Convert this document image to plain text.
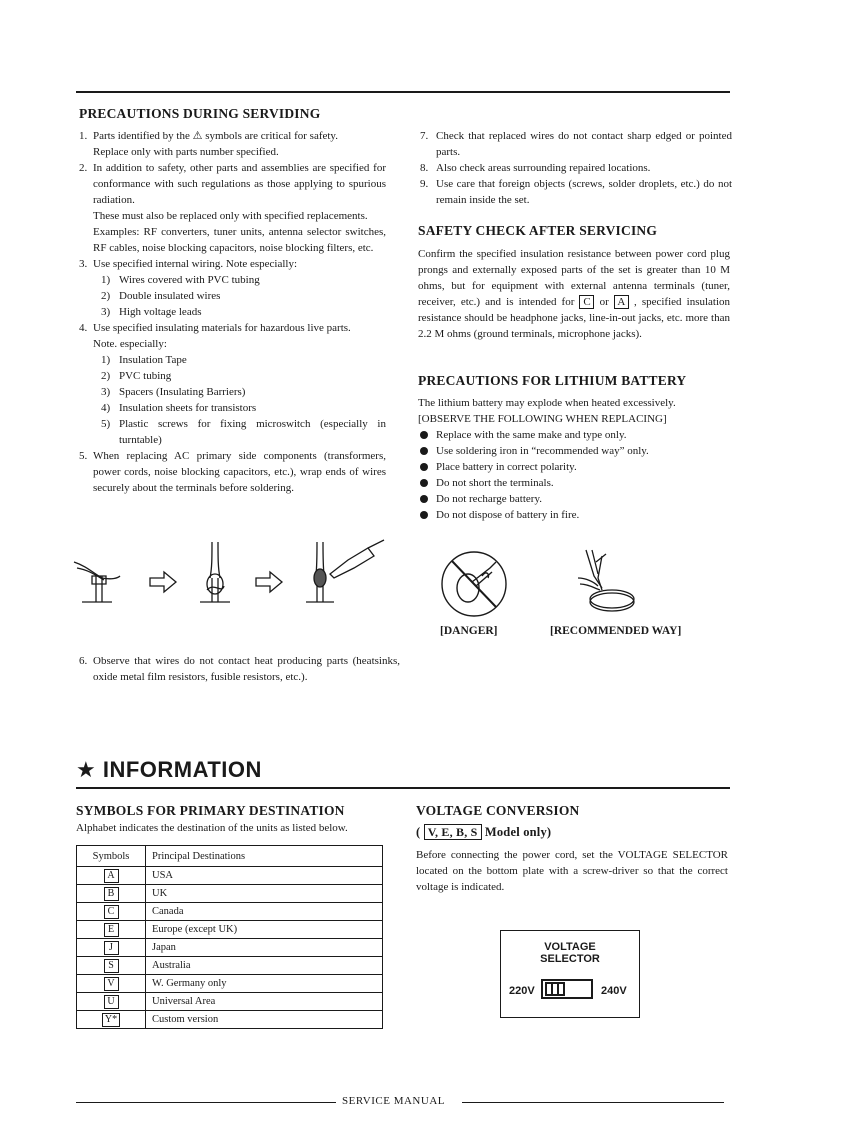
PRECAUTIONS DURING SERVIDING
1. Parts identified by the ⚠ symbols are critical for safety.
Replace only with parts number specified.
2. In addition to safety, other parts and assemblies are specified for conformance with such regulations as those applying to spurious radiation.
These must also be replaced only with specified replacements.
Examples: RF converters, tuner units, antenna selector switches, RF cables, noise blocking capacitors, noise blocking filters, etc.
3. Use specified internal wiring. Note especially:
1) Wires covered with PVC tubing
2) Double insulated wires
3) High voltage leads
4. Use specified insulating materials for hazardous live parts.
Note. especially:
1) Insulation Tape
2) PVC tubing
3) Spacers (Insulating Barriers)
4) Insulation sheets for transistors
5) Plastic screws for fixing microswitch (especially in turntable)
5. When replacing AC primary side components (transformers, power cords, noise blocking capacitors, etc.), wrap ends of wires securely about the terminals before soldering.
6. Observe that wires do not contact heat producing parts (heatsinks, oxide metal film resistors, fusible resistors, etc.).
7. Check that replaced wires do not contact sharp edged or pointed parts.
8. Also check areas surrounding repaired locations.
9. Use care that foreign objects (screws, solder droplets, etc.) do not remain inside the set.
SAFETY CHECK AFTER SERVICING
Confirm the specified insulation resistance between power cord plug prongs and externally exposed parts of the set is greater than 10 M ohms, but for equipment with external antenna terminals (tuner, receiver, etc.) and is intended for C or A , specified insulation resistance should be headphone jacks, line-in-out jacks, etc. more than 2.2 M ohms (ground terminals, microphone jacks).
PRECAUTIONS FOR LITHIUM BATTERY
The lithium battery may explode when heated excessively.
[OBSERVE THE FOLLOWING WHEN REPLACING]
Replace with the same make and type only.
Use soldering iron in “recommended way” only.
Place battery in correct polarity.
Do not short the terminals.
Do not recharge battery.
Do not dispose of battery in fire.
[DANGER]	[RECOMMENDED WAY]
★ INFORMATION
SYMBOLS FOR PRIMARY DESTINATION
Alphabet indicates the destination of the units as listed below.
Symbols	Principal Destinations
A	USA
B	UK
C	Canada
E	Europe (except UK)
J	Japan
S	Australia
V	W. Germany only
U	Universal Area
Y*	Custom version
VOLTAGE CONVERSION
( V, E, B, S Model only)
Before connecting the power cord, set the VOLTAGE SELECTOR located on the bottom plate with a screw-driver so that the correct voltage is indicated.
VOLTAGE
SELECTOR
220V	240V
SERVICE MANUAL
